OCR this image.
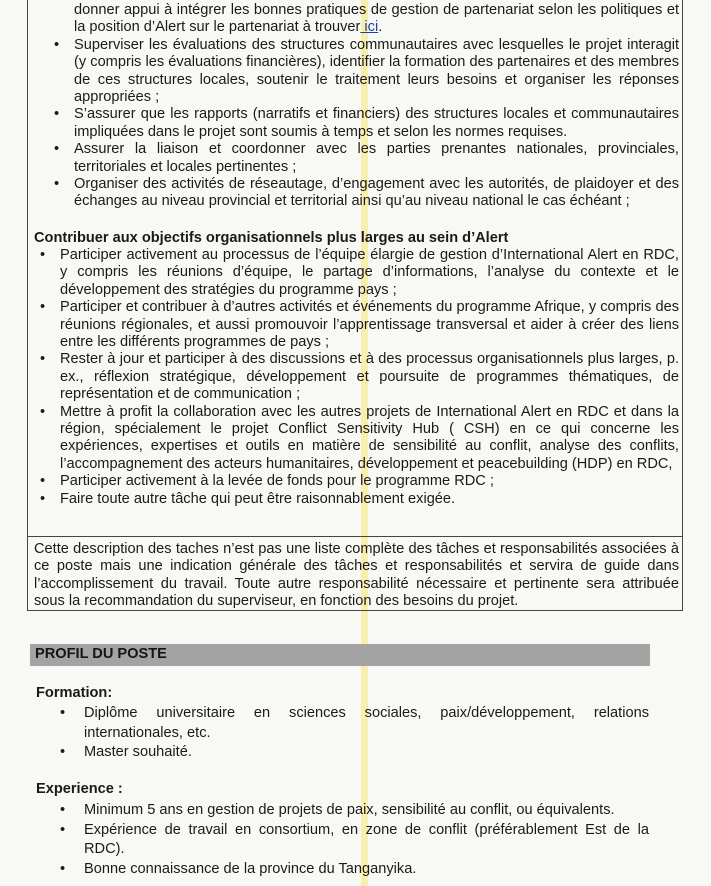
donner appui à intégrer les bonnes pratiques de gestion de partenariat selon les politiques et la position d’Alert sur le partenariat à trouver ici.
• Superviser les évaluations des structures communautaires avec lesquelles le projet interagit (y compris les évaluations financières), identifier la formation des partenaires et des membres de ces structures locales, soutenir le traitement leurs besoins et organiser les réponses appropriées ;
• S’assurer que les rapports (narratifs et financiers) des structures locales et communautaires impliquées dans le projet sont soumis à temps et selon les normes requises.
• Assurer la liaison et coordonner avec les parties prenantes nationales, provinciales, territoriales et locales pertinentes ;
• Organiser des activités de réseautage, d’engagement avec les autorités, de plaidoyer et des échanges au niveau provincial et territorial ainsi qu’au niveau national le cas échéant ;
Contribuer aux objectifs organisationnels plus larges au sein d’Alert
• Participer activement au processus de l’équipe élargie de gestion d’International Alert en RDC, y compris les réunions d’équipe, le partage d’informations, l’analyse du contexte et le développement des stratégies du programme pays ;
• Participer et contribuer à d’autres activités et événements du programme Afrique, y compris des réunions régionales, et aussi promouvoir l’apprentissage transversal et aider à créer des liens entre les différents programmes de pays ;
• Rester à jour et participer à des discussions et à des processus organisationnels plus larges, p. ex., réflexion stratégique, développement et poursuite de programmes thématiques, de représentation et de communication ;
• Mettre à profit la collaboration avec les autres projets de International Alert en RDC et dans la région, spécialement le projet Conflict Sensitivity Hub ( CSH) en ce qui concerne les expériences, expertises et outils en matière de sensibilité au conflit, analyse des conflits, l’accompagnement des acteurs humanitaires, développement et peacebuilding (HDP) en RDC,
• Participer activement à la levée de fonds pour le programme RDC ;
• Faire toute autre tâche qui peut être raisonnablement exigée.
Cette description des taches n’est pas une liste complète des tâches et responsabilités associées à ce poste mais une indication générale des tâches et responsabilités et servira de guide dans l’accomplissement du travail. Toute autre responsabilité nécessaire et pertinente sera attribuée sous la recommandation du superviseur, en fonction des besoins du projet.
PROFIL DU POSTE
Formation:
• Diplôme universitaire en sciences sociales, paix/développement, relations internationales, etc.
• Master souhaité.
Experience :
• Minimum 5 ans en gestion de projets de paix, sensibilité au conflit, ou équivalents.
• Expérience de travail en consortium, en zone de conflit (préférablement Est de la RDC).
• Bonne connaissance de la province du Tanganyika.
